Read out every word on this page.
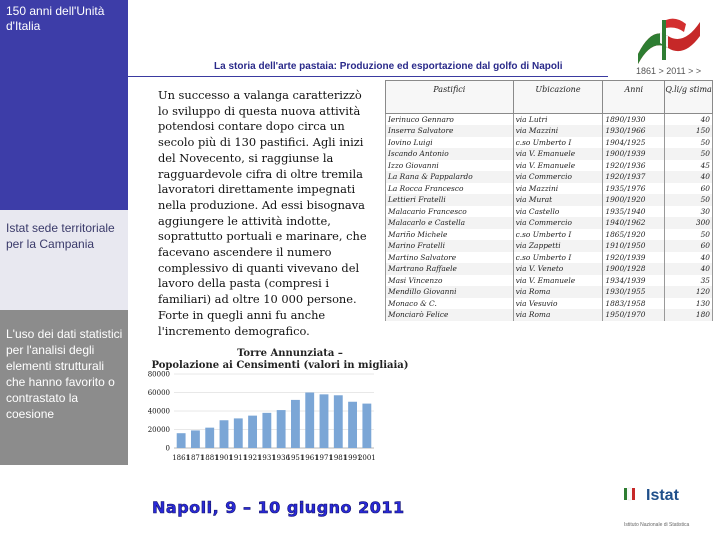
150 anni dell'Unità d'Italia
Istat sede territoriale per la Campania
L'uso dei dati statistici per l'analisi degli elementi strutturali che hanno favorito o contrastato la coesione
La storia dell'arte pastaia: Produzione ed esportazione dal golfo di Napoli	1861 > 2011 > >
Un successo a valanga caratterizzò lo sviluppo di questa nuova attività potendosi contare dopo circa un secolo più di 130 pastifici. Agli inizi del Novecento, si raggiunse la ragguardevole cifra di oltre tremila lavoratori direttamente impegnati nella produzione. Ad essi bisognava aggiungere le attività indotte, soprattutto portuali e marinare, che facevano ascendere il numero complessivo di quanti vivevano del lavoro della pasta (compresi i familiari) ad oltre 10 000 persone. Forte in quegli anni fu anche l'incremento demografico.
Torre Annunziata –
Popolazione ai Censimenti (valori in migliaia)
0
20000
40000
60000
80000
1861
1871
1881
1901
1911
1921
1931
1936
1951
1961
1971
1981
1991
2001
Napoli, 9 – 10 giugno 2011
Istat
Istituto Nazionale di Statistica
Pastifici	Ubicazione	Anni	Q.li/g stima
Ierinuco Gennaro	via Lutri	1890/1930	40
Inserra Salvatore	via Mazzini	1930/1966	150
Iovino Luigi	c.so Umberto I	1904/1925	50
Iscando Antonio	via V. Emanuele	1900/1939	50
Izzo Giovanni	via V. Emanuele	1920/1936	45
La Rana & Pappalardo	via Commercio	1920/1937	40
La Rocca Francesco	via Mazzini	1935/1976	60
Lettieri Fratelli	via Murat	1900/1920	50
Malacario Francesco	via Castello	1935/1940	30
Malacarlo e Castella	via Commercio	1940/1962	300
Mariño Michele	c.so Umberto I	1865/1920	50
Marino Fratelli	via Zappetti	1910/1950	60
Martino Salvatore	c.so Umberto I	1920/1939	40
Martrano Raffaele	via V. Veneto	1900/1928	40
Masi Vincenzo	via V. Emanuele	1934/1939	35
Mendillo Giovanni	via Roma	1930/1955	120
Monaco & C.	via Vesuvio	1883/1958	130
Monciarò Felice	via Roma	1950/1970	180
